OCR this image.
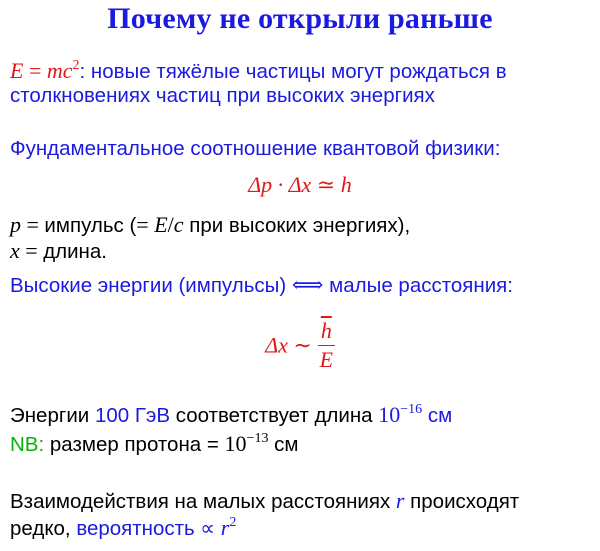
Почему не открыли раньше
$E = mc^2$: новые тяжёлые частицы могут рождаться в
столкновениях частиц при высоких энергиях
Фундаментальное соотношение квантовой физики:
Δp · Δx ≃ h
p = импульс (= E/c при высоких энергиях),
x = длина.
Высокие энергии (импульсы) ⟺ малые расстояния:
Δx ∼ $\frac{\overline{h}}{E}$
Энергии 100 ГэВ соответствует длина $10^{-16}$ см
NB: размер протона = $10^{-13}$ см
Взаимодействия на малых расстояниях r происходят
редко, вероятность ∝ $r^2$
